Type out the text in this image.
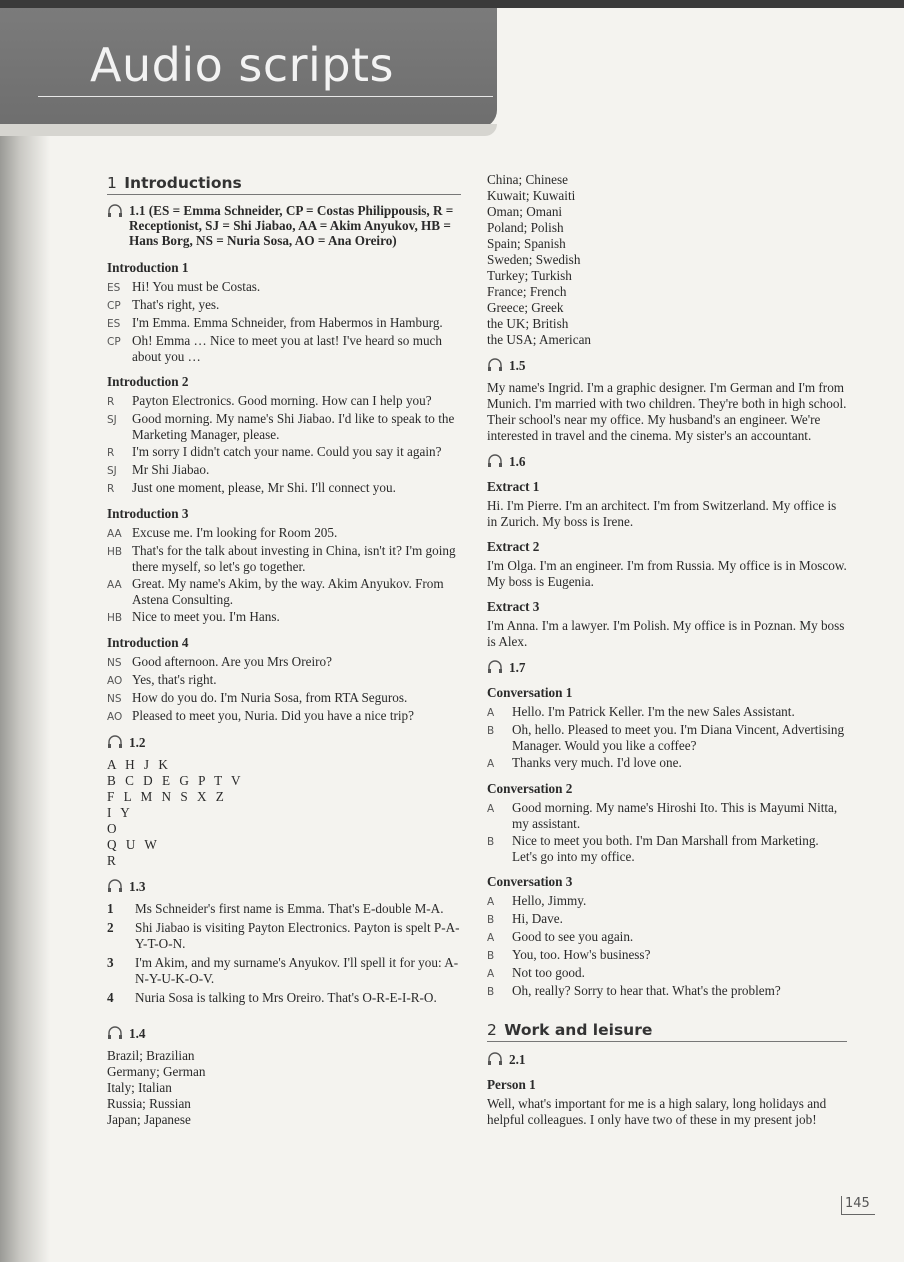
Audio scripts
1 Introductions
1.1 (ES = Emma Schneider, CP = Costas Philippousis, R = Receptionist, SJ = Shi Jiabao, AA = Akim Anyukov, HB = Hans Borg, NS = Nuria Sosa, AO = Ana Oreiro)
Introduction 1
ES Hi! You must be Costas.
CP That's right, yes.
ES I'm Emma. Emma Schneider, from Habermos in Hamburg.
CP Oh! Emma … Nice to meet you at last! I've heard so much about you …
Introduction 2
R	Payton Electronics. Good morning. How can I help you?
SJ	Good morning. My name's Shi Jiabao. I'd like to speak to the Marketing Manager, please.
R	I'm sorry I didn't catch your name. Could you say it again?
SJ	Mr Shi Jiabao.
R	Just one moment, please, Mr Shi. I'll connect you.
Introduction 3
AA Excuse me. I'm looking for Room 205.
HB That's for the talk about investing in China, isn't it? I'm going there myself, so let's go together.
AA Great. My name's Akim, by the way. Akim Anyukov. From Astena Consulting.
HB Nice to meet you. I'm Hans.
Introduction 4
NS Good afternoon. Are you Mrs Oreiro?
AO Yes, that's right.
NS How do you do. I'm Nuria Sosa, from RTA Seguros.
AO Pleased to meet you, Nuria. Did you have a nice trip?
1.2
A H J K
B C D E G P T V
F L M N S X Z
I Y
O
Q U W
R
1.3
1	Ms Schneider's first name is Emma. That's E-double M-A.
2	Shi Jiabao is visiting Payton Electronics. Payton is spelt P-A-Y-T-O-N.
3	I'm Akim, and my surname's Anyukov. I'll spell it for you: A-N-Y-U-K-O-V.
4	Nuria Sosa is talking to Mrs Oreiro. That's O-R-E-I-R-O.
1.4
Brazil; Brazilian
Germany; German
Italy; Italian
Russia; Russian
Japan; Japanese
China; Chinese
Kuwait; Kuwaiti
Oman; Omani
Poland; Polish
Spain; Spanish
Sweden; Swedish
Turkey; Turkish
France; French
Greece; Greek
the UK; British
the USA; American
1.5

My name's Ingrid. I'm a graphic designer. I'm German and I'm from Munich. I'm married with two children. They're both in high school. Their school's near my office. My husband's an engineer. We're interested in travel and the cinema. My sister's an accountant.

1.6
Extract 1

Hi. I'm Pierre. I'm an architect. I'm from Switzerland. My office is in Zurich. My boss is Irene.

Extract 2

I'm Olga. I'm an engineer. I'm from Russia. My office is in Moscow. My boss is Eugenia.

Extract 3

I'm Anna. I'm a lawyer. I'm Polish. My office is in Poznan. My boss is Alex.

1.7
Conversation 1
A	Hello. I'm Patrick Keller. I'm the new Sales Assistant.
B	Oh, hello. Pleased to meet you. I'm Diana Vincent, Advertising Manager. Would you like a coffee?
A	Thanks very much. I'd love one.
Conversation 2
A	Good morning. My name's Hiroshi Ito. This is Mayumi Nitta, my assistant.
B	Nice to meet you both. I'm Dan Marshall from Marketing. Let's go into my office.
Conversation 3
A	Hello, Jimmy.
B	Hi, Dave.
A	Good to see you again.
B	You, too. How's business?
A	Not too good.
B	Oh, really? Sorry to hear that. What's the problem?
2 Work and leisure
2.1
Person 1

Well, what's important for me is a high salary, long holidays and helpful colleagues. I only have two of these in my present job!

145
